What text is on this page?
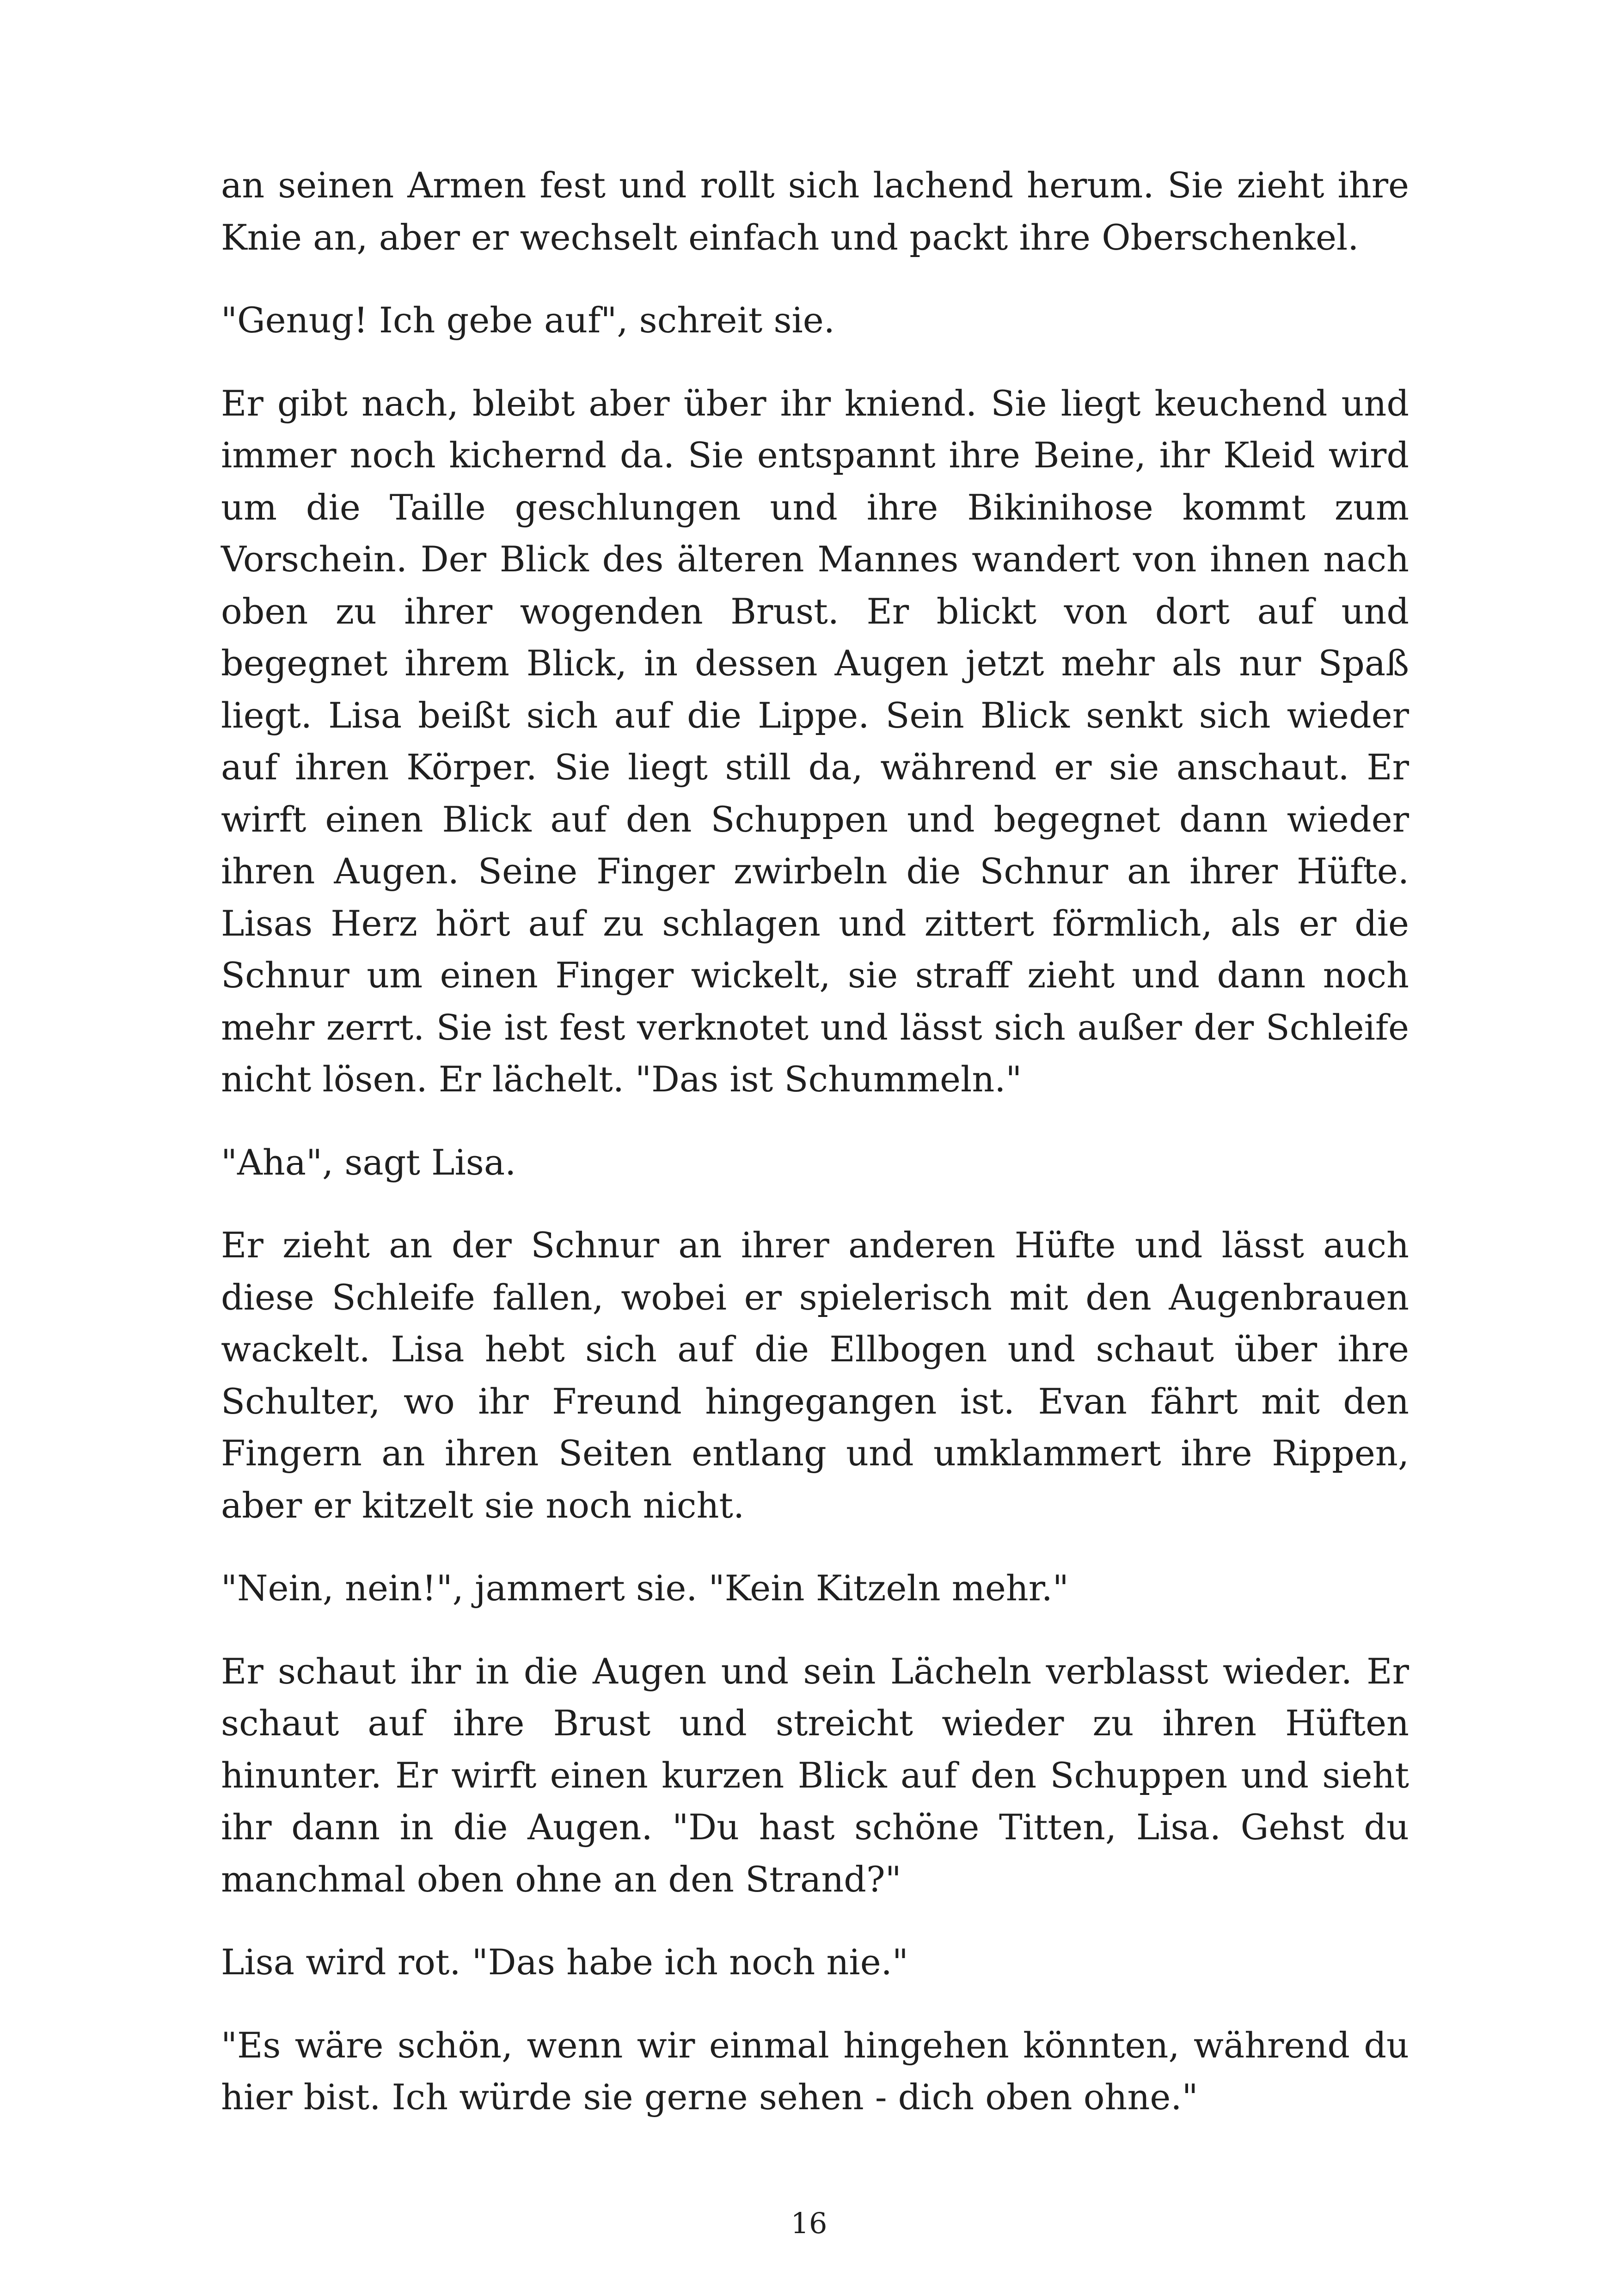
an seinen Armen fest und rollt sich lachend herum. Sie zieht ihre Knie an, aber er wechselt einfach und packt ihre Oberschenkel.

"Genug! Ich gebe auf", schreit sie.

Er gibt nach, bleibt aber über ihr kniend. Sie liegt keuchend und immer noch kichernd da. Sie entspannt ihre Beine, ihr Kleid wird um die Taille geschlungen und ihre Bikinihose kommt zum Vorschein. Der Blick des älteren Mannes wandert von ihnen nach oben zu ihrer wogenden Brust. Er blickt von dort auf und begegnet ihrem Blick, in dessen Augen jetzt mehr als nur Spaß liegt. Lisa beißt sich auf die Lippe. Sein Blick senkt sich wieder auf ihren Körper. Sie liegt still da, während er sie anschaut. Er wirft einen Blick auf den Schuppen und begegnet dann wieder ihren Augen. Seine Finger zwirbeln die Schnur an ihrer Hüfte. Lisas Herz hört auf zu schlagen und zittert förmlich, als er die Schnur um einen Finger wickelt, sie straff zieht und dann noch mehr zerrt. Sie ist fest verknotet und lässt sich außer der Schleife nicht lösen. Er lächelt. "Das ist Schummeln."

"Aha", sagt Lisa.

Er zieht an der Schnur an ihrer anderen Hüfte und lässt auch diese Schleife fallen, wobei er spielerisch mit den Augenbrauen wackelt. Lisa hebt sich auf die Ellbogen und schaut über ihre Schulter, wo ihr Freund hingegangen ist. Evan fährt mit den Fingern an ihren Seiten entlang und umklammert ihre Rippen, aber er kitzelt sie noch nicht.

"Nein, nein!", jammert sie. "Kein Kitzeln mehr."

Er schaut ihr in die Augen und sein Lächeln verblasst wieder. Er schaut auf ihre Brust und streicht wieder zu ihren Hüften hinunter. Er wirft einen kurzen Blick auf den Schuppen und sieht ihr dann in die Augen. "Du hast schöne Titten, Lisa. Gehst du manchmal oben ohne an den Strand?"

Lisa wird rot. "Das habe ich noch nie."

"Es wäre schön, wenn wir einmal hingehen könnten, während du hier bist. Ich würde sie gerne sehen - dich oben ohne."

16
